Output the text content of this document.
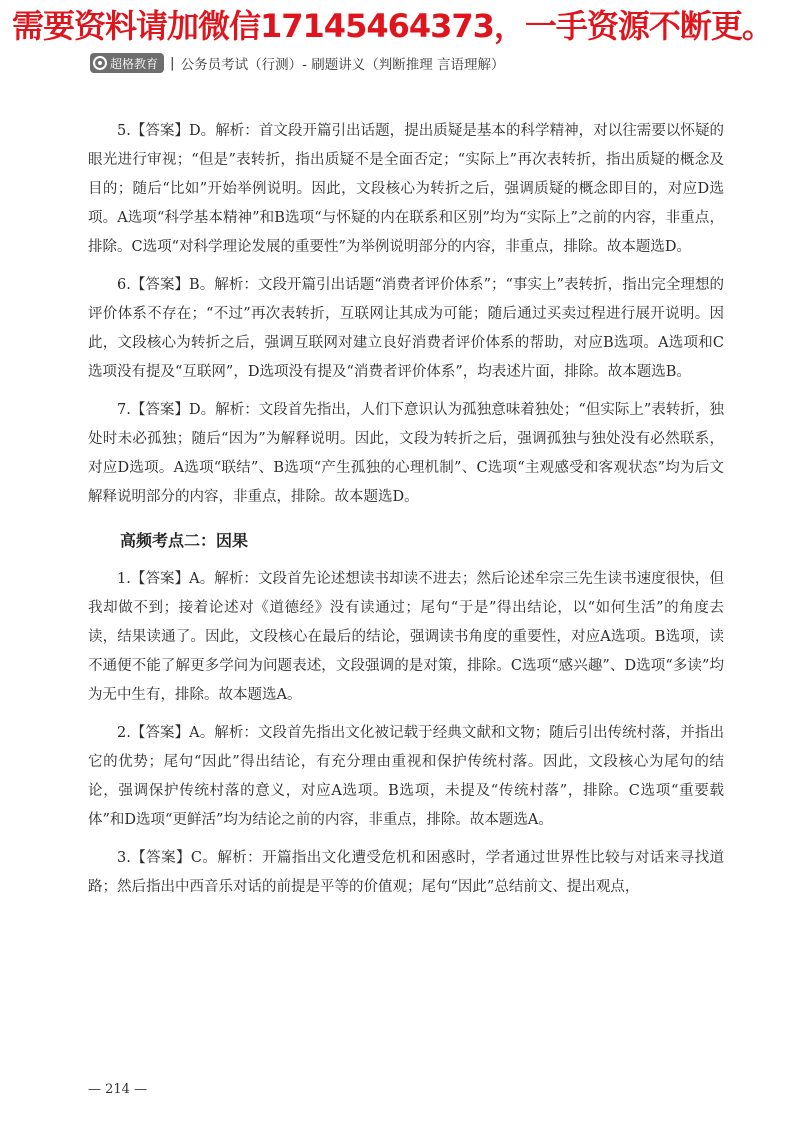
需要资料请加微信17145464373，一手资源不断更。
超格教育 | 公务员考试（行测）- 刷题讲义（判断推理 言语理解）

5.【答案】D。解析：首文段开篇引出话题，提出质疑是基本的科学精神，对以往需要以怀疑的眼光进行审视；“但是”表转折，指出质疑不是全面否定；“实际上”再次表转折，指出质疑的概念及目的；随后“比如”开始举例说明。因此，文段核心为转折之后，强调质疑的概念即目的，对应D选项。A选项“科学基本精神”和B选项“与怀疑的内在联系和区别”均为“实际上”之前的内容，非重点，排除。C选项“对科学理论发展的重要性”为举例说明部分的内容，非重点，排除。故本题选D。

6.【答案】B。解析：文段开篇引出话题“消费者评价体系”；“事实上”表转折，指出完全理想的评价体系不存在；“不过”再次表转折，互联网让其成为可能；随后通过买卖过程进行展开说明。因此，文段核心为转折之后，强调互联网对建立良好消费者评价体系的帮助，对应B选项。A选项和C选项没有提及“互联网”，D选项没有提及“消费者评价体系”，均表述片面，排除。故本题选B。

7.【答案】D。解析：文段首先指出，人们下意识认为孤独意味着独处；“但实际上”表转折，独处时未必孤独；随后“因为”为解释说明。因此，文段为转折之后，强调孤独与独处没有必然联系，对应D选项。A选项“联结”、B选项“产生孤独的心理机制”、C选项“主观感受和客观状态”均为后文解释说明部分的内容，非重点，排除。故本题选D。

高频考点二：因果

1.【答案】A。解析：文段首先论述想读书却读不进去；然后论述牟宗三先生读书速度很快，但我却做不到；接着论述对《道德经》没有读通过；尾句“于是”得出结论，以“如何生活”的角度去读，结果读通了。因此，文段核心在最后的结论，强调读书角度的重要性，对应A选项。B选项，读不通便不能了解更多学问为问题表述，文段强调的是对策，排除。C选项“感兴趣”、D选项“多读”均为无中生有，排除。故本题选A。

2.【答案】A。解析：文段首先指出文化被记载于经典文献和文物；随后引出传统村落，并指出它的优势；尾句“因此”得出结论，有充分理由重视和保护传统村落。因此，文段核心为尾句的结论，强调保护传统村落的意义，对应A选项。B选项，未提及“传统村落”，排除。C选项“重要载体”和D选项“更鲜活”均为结论之前的内容，非重点，排除。故本题选A。

3.【答案】C。解析：开篇指出文化遭受危机和困惑时，学者通过世界性比较与对话来寻找道路；然后指出中西音乐对话的前提是平等的价值观；尾句“因此”总结前文、提出观点，

— 214 —
